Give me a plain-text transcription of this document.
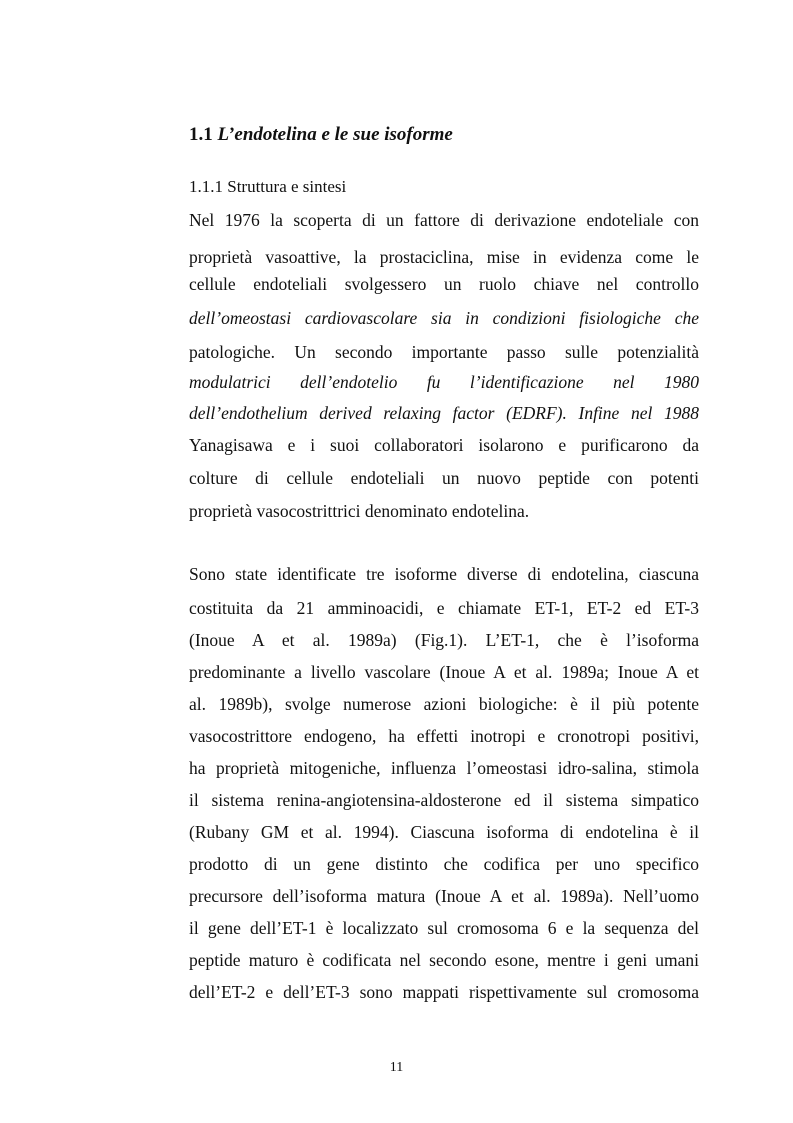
1.1 L’endotelina e le sue isoforme
1.1.1 Struttura e sintesi
Nel 1976 la scoperta di un fattore di derivazione endoteliale con
proprietà vasoattive, la prostaciclina, mise in evidenza come le
cellule endoteliali svolgessero un ruolo chiave nel controllo
dell’omeostasi cardiovascolare sia in condizioni fisiologiche che
patologiche. Un secondo importante passo sulle potenzialità
modulatrici dell’endotelio fu l’identificazione nel 1980
dell’endothelium derived relaxing factor (EDRF). Infine nel 1988
Yanagisawa e i suoi collaboratori isolarono e purificarono da
colture di cellule endoteliali un nuovo peptide con potenti
proprietà vasocostrittrici denominato endotelina.
Sono state identificate tre isoforme diverse di endotelina, ciascuna
costituita da 21 amminoacidi, e chiamate ET-1, ET-2 ed ET-3
(Inoue A et al. 1989a) (Fig.1). L’ET-1, che è l’isoforma
predominante a livello vascolare (Inoue A et al. 1989a; Inoue A et
al. 1989b), svolge numerose azioni biologiche: è il più potente
vasocostrittore endogeno, ha effetti inotropi e cronotropi positivi,
ha proprietà mitogeniche, influenza l’omeostasi idro-salina, stimola
il sistema renina-angiotensina-aldosterone ed il sistema simpatico
(Rubany GM et al. 1994). Ciascuna isoforma di endotelina è il
prodotto di un gene distinto che codifica per uno specifico
precursore dell’isoforma matura (Inoue A et al. 1989a). Nell’uomo
il gene dell’ET-1 è localizzato sul cromosoma 6 e la sequenza del
peptide maturo è codificata nel secondo esone, mentre i geni umani
dell’ET-2 e dell’ET-3 sono mappati rispettivamente sul cromosoma
11
